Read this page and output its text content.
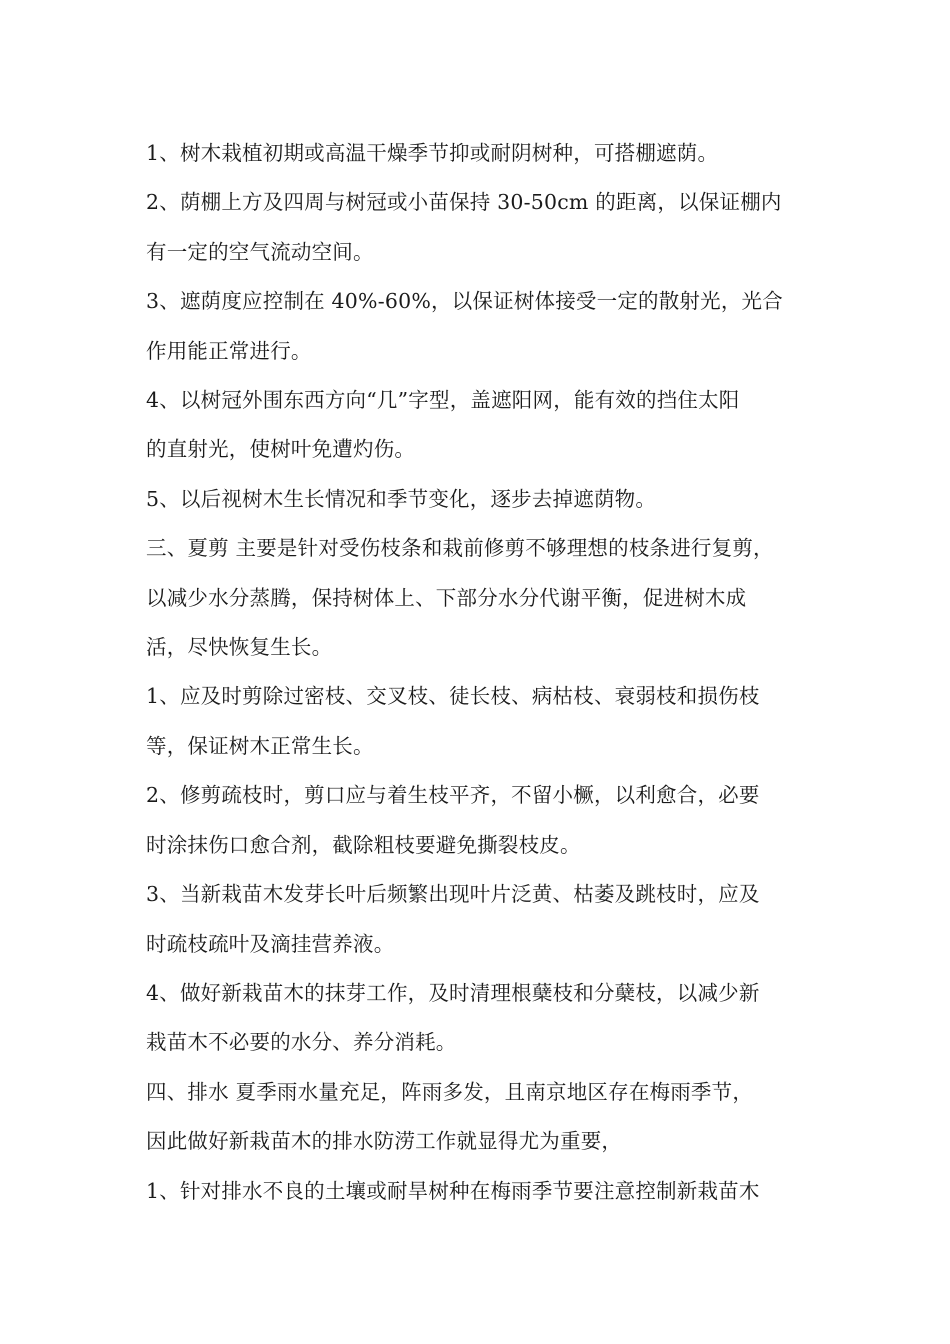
1、树木栽植初期或高温干燥季节抑或耐阴树种，可搭棚遮荫。

2、荫棚上方及四周与树冠或小苗保持 30-50cm 的距离，以保证棚内

有一定的空气流动空间。

3、遮荫度应控制在 40%-60%，以保证树体接受一定的散射光，光合

作用能正常进行。

4、以树冠外围东西方向“几”字型，盖遮阳网，能有效的挡住太阳

的直射光，使树叶免遭灼伤。

5、以后视树木生长情况和季节变化，逐步去掉遮荫物。

三、夏剪 主要是针对受伤枝条和栽前修剪不够理想的枝条进行复剪，

以减少水分蒸腾，保持树体上、下部分水分代谢平衡，促进树木成

活，尽快恢复生长。

1、应及时剪除过密枝、交叉枝、徒长枝、病枯枝、衰弱枝和损伤枝

等，保证树木正常生长。

2、修剪疏枝时，剪口应与着生枝平齐，不留小橛，以利愈合，必要

时涂抹伤口愈合剂，截除粗枝要避免撕裂枝皮。

3、当新栽苗木发芽长叶后频繁出现叶片泛黄、枯萎及跳枝时，应及

时疏枝疏叶及滴挂营养液。

4、做好新栽苗木的抹芽工作，及时清理根蘖枝和分蘖枝，以减少新

栽苗木不必要的水分、养分消耗。

四、排水 夏季雨水量充足，阵雨多发，且南京地区存在梅雨季节，

因此做好新栽苗木的排水防涝工作就显得尤为重要，

1、针对排水不良的土壤或耐旱树种在梅雨季节要注意控制新栽苗木
